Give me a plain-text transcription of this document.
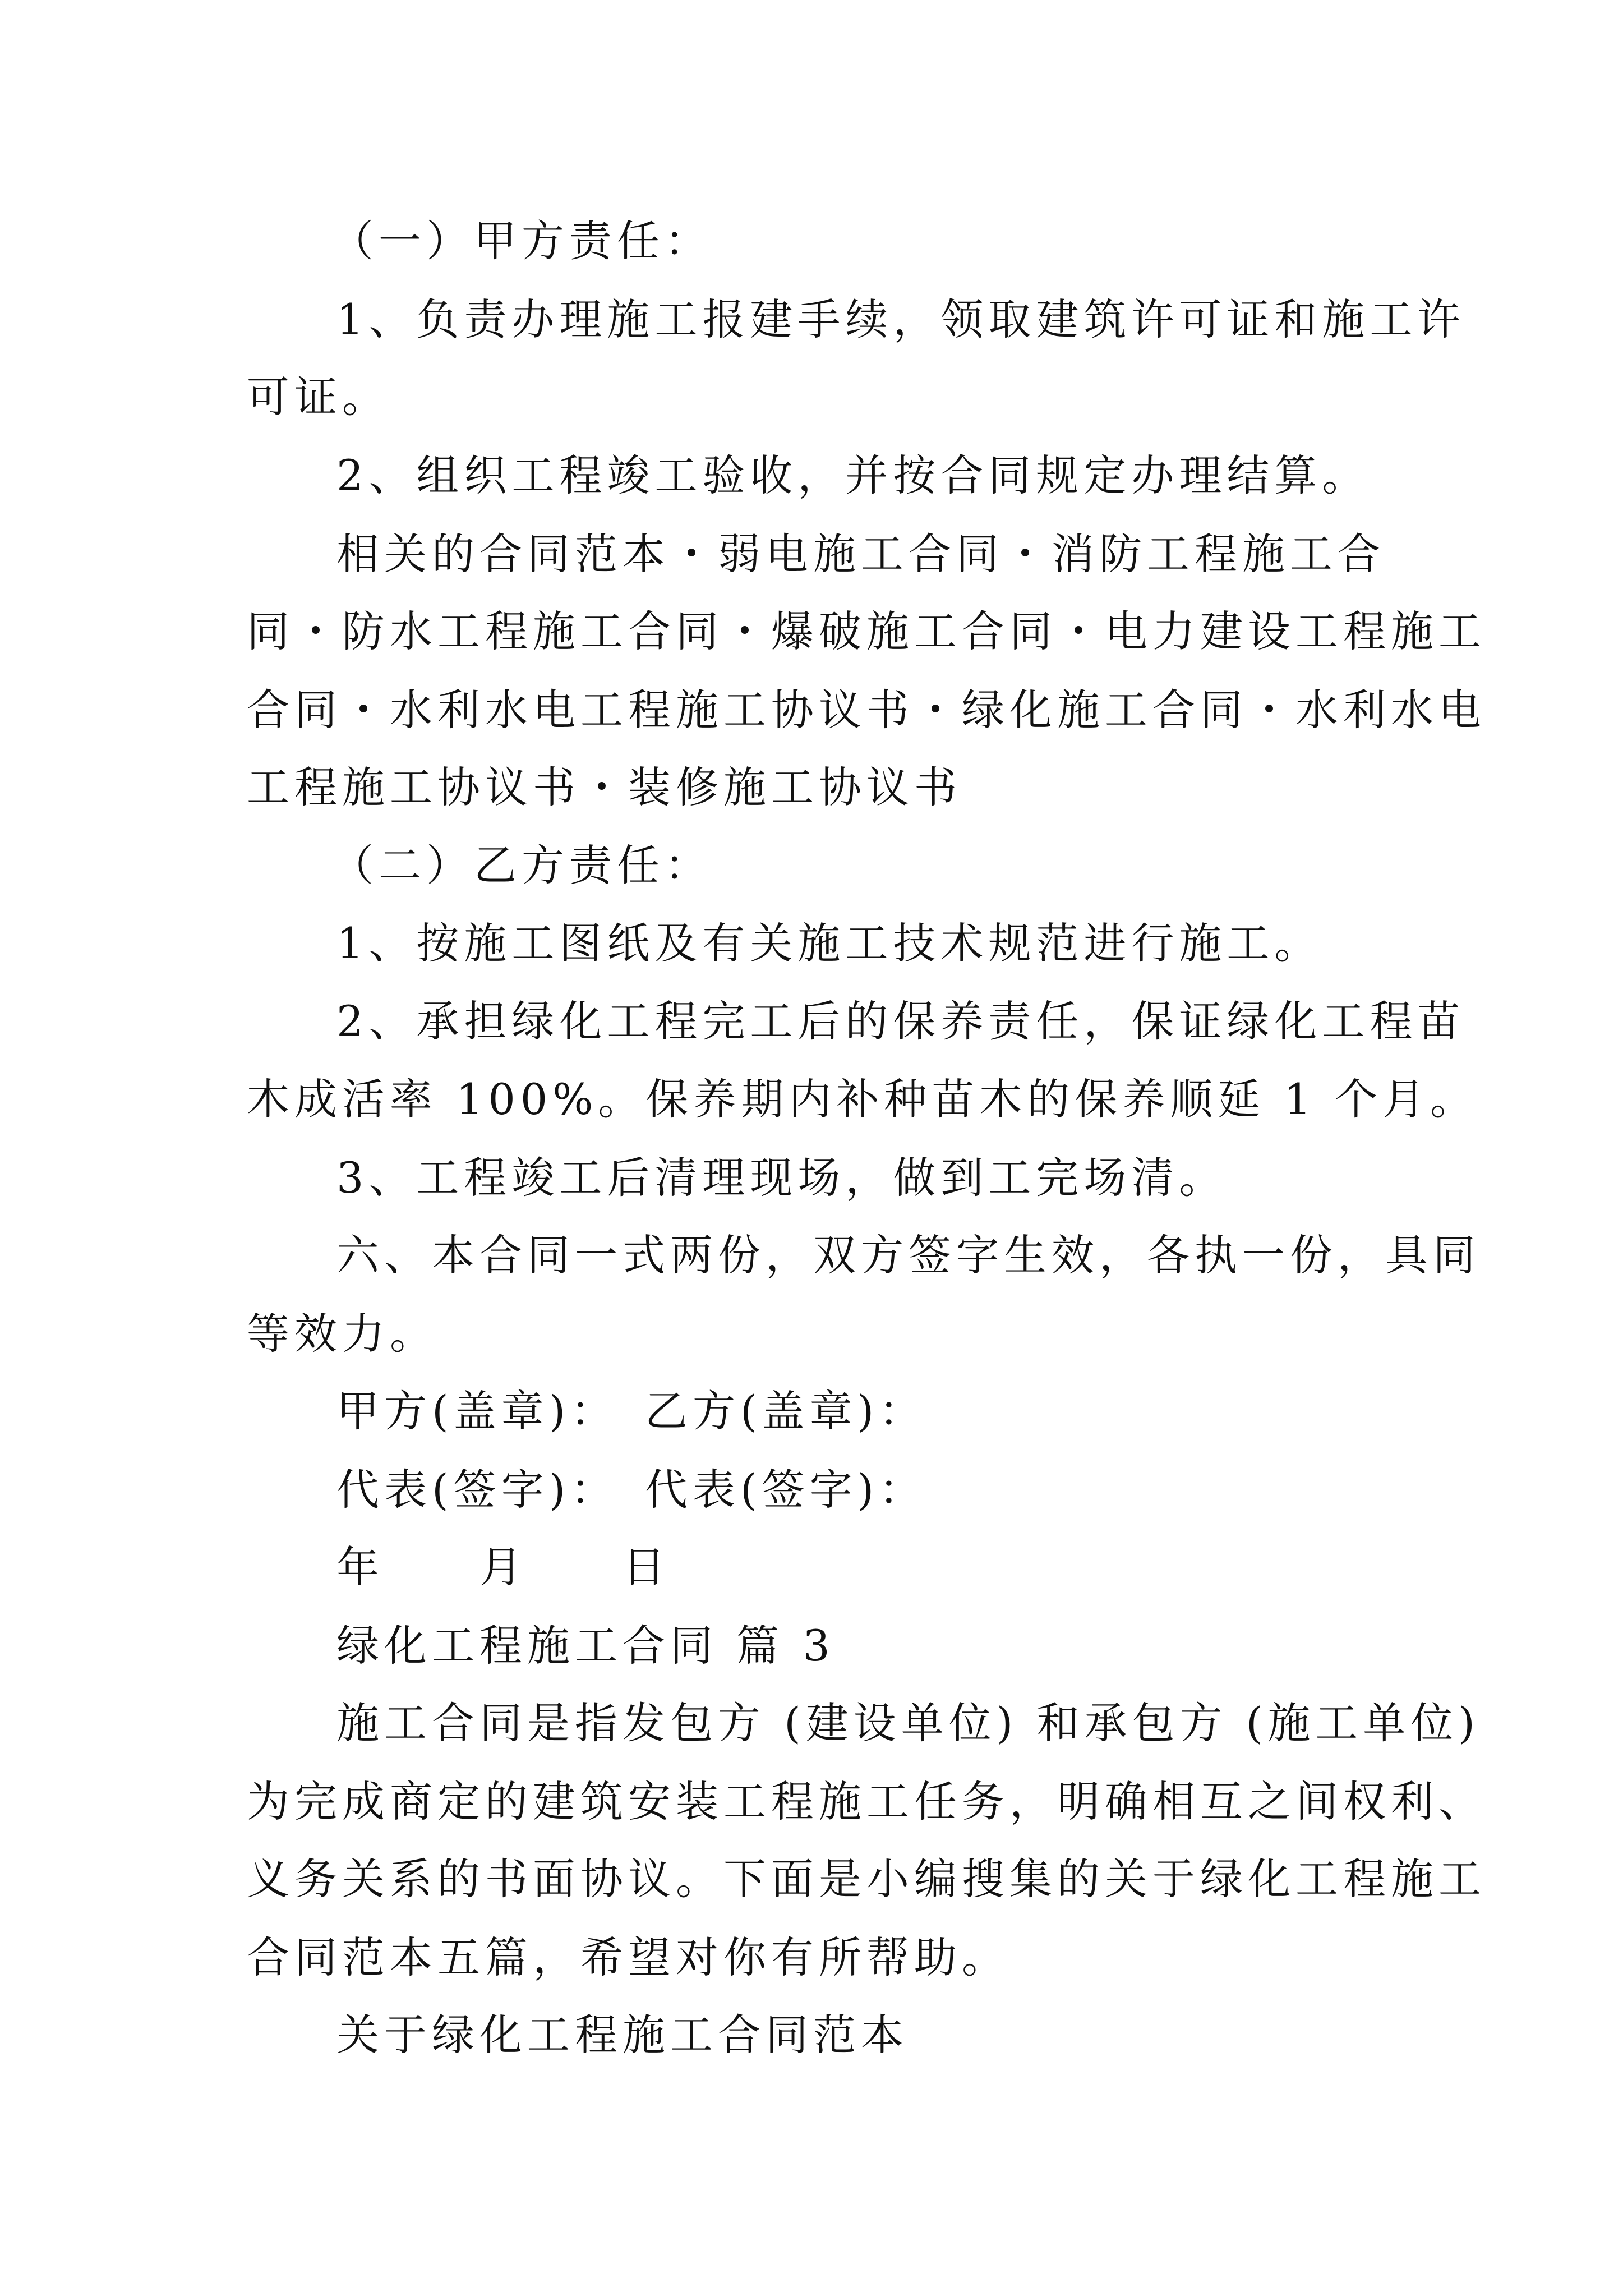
（一）甲方责任：
1、负责办理施工报建手续，领取建筑许可证和施工许
可证。
2、组织工程竣工验收，并按合同规定办理结算。
相关的合同范本・弱电施工合同・消防工程施工合
同・防水工程施工合同・爆破施工合同・电力建设工程施工
合同・水利水电工程施工协议书・绿化施工合同・水利水电
工程施工协议书・装修施工协议书
（二）乙方责任：
1、按施工图纸及有关施工技术规范进行施工。
2、承担绿化工程完工后的保养责任，保证绿化工程苗
木成活率 100%。保养期内补种苗木的保养顺延 1 个月。
3、工程竣工后清理现场，做到工完场清。
六、本合同一式两份，双方签字生效，各执一份，具同
等效力。
甲方(盖章)： 乙方(盖章)：
代表(签字)： 代表(签字)：
年　　月　　日
绿化工程施工合同 篇 3
施工合同是指发包方 (建设单位) 和承包方 (施工单位)
为完成商定的建筑安装工程施工任务，明确相互之间权利、
义务关系的书面协议。下面是小编搜集的关于绿化工程施工
合同范本五篇，希望对你有所帮助。
关于绿化工程施工合同范本
